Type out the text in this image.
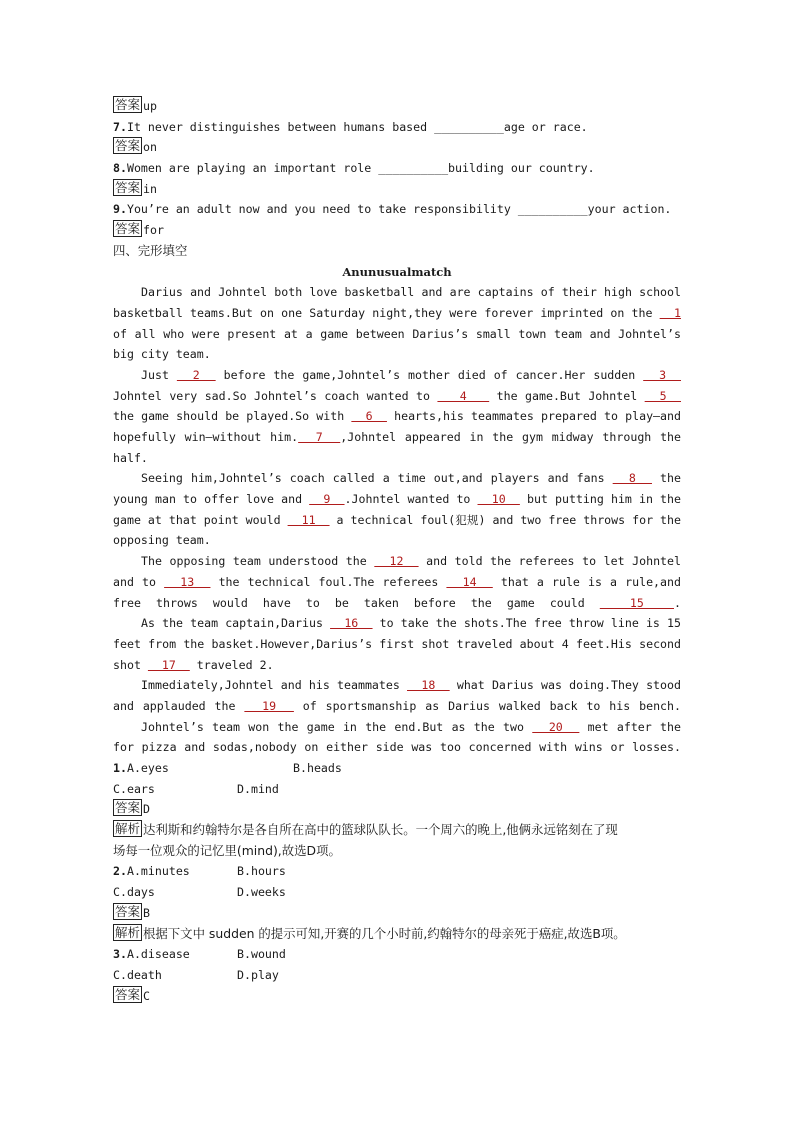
答案 up
7.It never distinguishes between humans based __________age or race.
答案 on
8.Women are playing an important role __________building our country.
答案 in
9.You’re an adult now and you need to take responsibility __________your action.
答案 for
四、完形填空
Anunusualmatch
Darius and Johntel both love basketball and are captains of their high school
basketball teams.But on one Saturday night,they were forever imprinted on the   1
of all who were present at a game between Darius’s small town team and Johntel’s
big city team.
Just   2   before the game,Johntel’s mother died of cancer.Her sudden   3
Johntel very sad.So Johntel’s coach wanted to    4    the game.But Johntel   5
the game should be played.So with   6   hearts,his teammates prepared to play—and
hopefully win—without him.  7  ,Johntel appeared in the gym midway through the
half.
Seeing him,Johntel’s coach called a time out,and players and fans   8   the
young man to offer love and   9  .Johntel wanted to   10   but putting him in the
game at that point would   11   a technical foul(犯规) and two free throws for the
opposing team.
The opposing team understood the   12   and told the referees to let Johntel
and to   13   the technical foul.The referees   14   that a rule is a rule,and
free throws would have to be taken before the game could   15  .
As the team captain,Darius   16   to take the shots.The free throw line is 15
feet from the basket.However,Darius’s first shot traveled about 4 feet.His second
shot   17   traveled 2.
Immediately,Johntel and his teammates   18   what Darius was doing.They stood
and applauded the   19   of sportsmanship as Darius walked back to his bench.
Johntel’s team won the game in the end.But as the two   20   met after the
for pizza and sodas,nobody on either side was too concerned with wins or losses.
1.A.eyes	B.heads
C.ears	D.mind
答案 D
解析 达利斯和约翰特尔是各自所在高中的篮球队队长。一个周六的晚上,他俩永远铭刻在了现
场每一位观众的记忆里(mind),故选D项。
2.A.minutes	B.hours
C.days	D.weeks
答案 B
解析 根据下文中 sudden 的提示可知,开赛的几个小时前,约翰特尔的母亲死于癌症,故选B项。
3.A.disease	B.wound
C.death	D.play
答案 C
